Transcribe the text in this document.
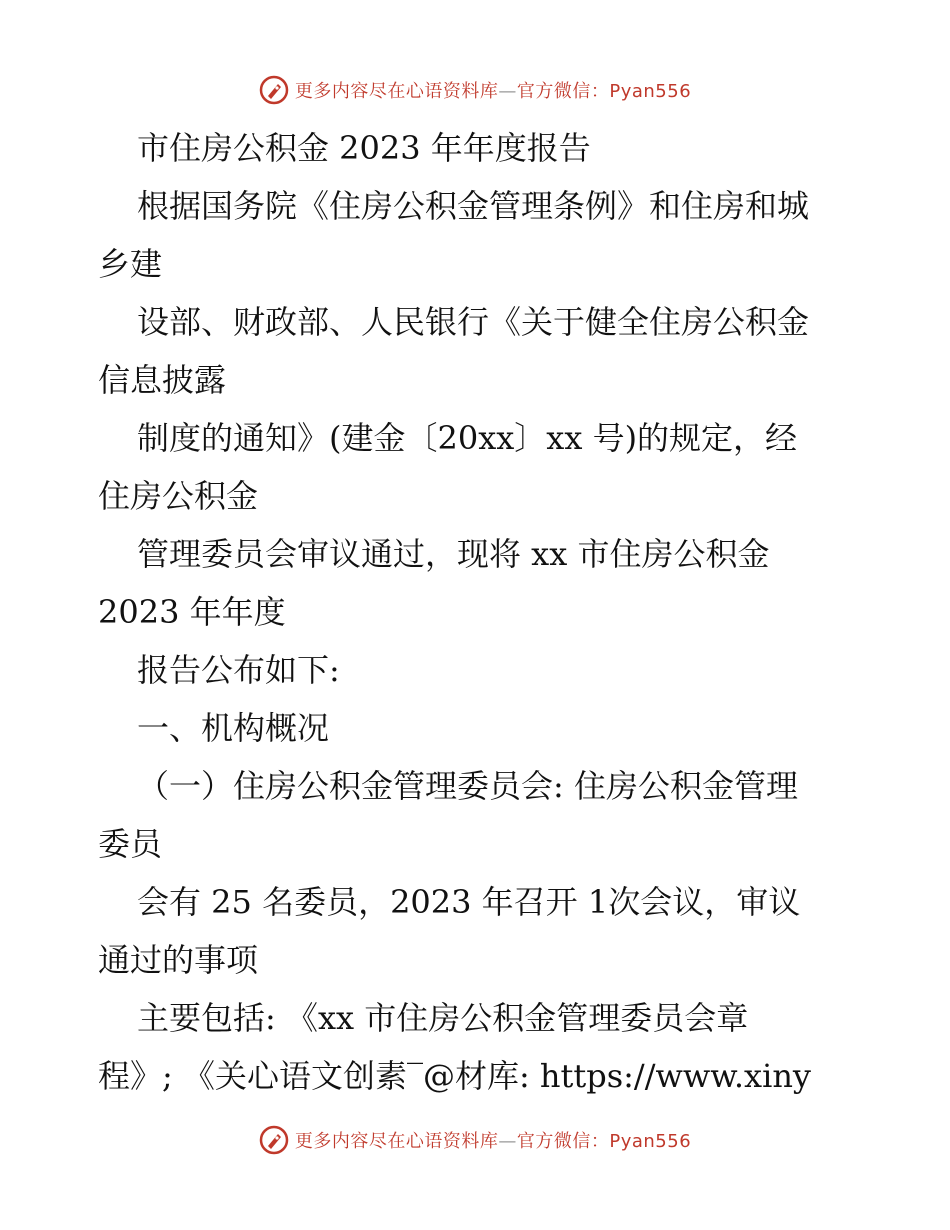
更多内容尽在心语资料库—官方微信：Pyan556
市住房公积金 2023 年年度报告
根据国务院《住房公积金管理条例》和住房和城
乡建
设部、财政部、人民银行《关于健全住房公积金
信息披露
制度的通知》(建金〔20xx〕xx 号)的规定，经
住房公积金
管理委员会审议通过，现将 xx 市住房公积金
2023 年年度
报告公布如下:
一、机构概况
（一）住房公积金管理委员会: 住房公积金管理
委员
会有 25 名委员，2023 年召开 1次会议，审议
通过的事项
主要包括: 《xx 市住房公积金管理委员会章
程》; 《关心语文创素‾@材库: https://www.xiny
更多内容尽在心语资料库—官方微信：Pyan556
